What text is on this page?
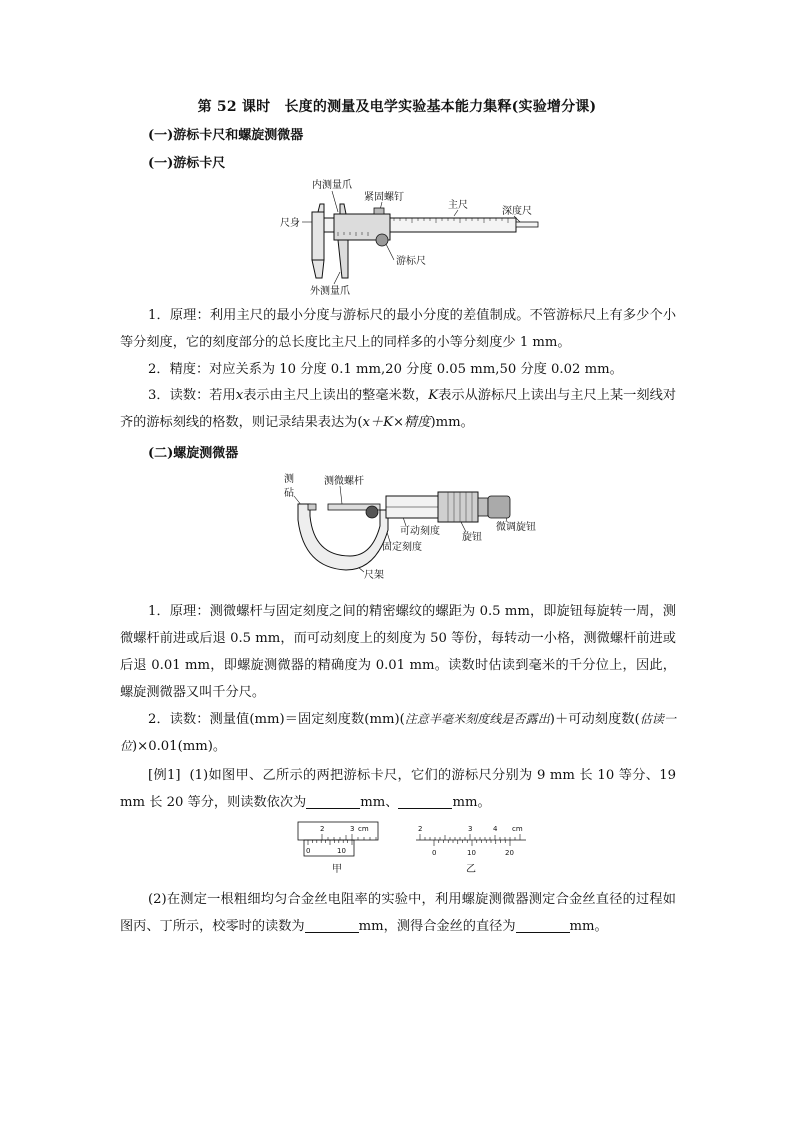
第 52 课时　长度的测量及电学实验基本能力集释(实验增分课)
(一)游标卡尺和螺旋测微器
(一)游标卡尺
内测量爪
紧固螺钉
主尺
深度尺
尺身
游标尺
外测量爪
1．原理：利用主尺的最小分度与游标尺的最小分度的差值制成。不管游标尺上有多少个小等分刻度，它的刻度部分的总长度比主尺上的同样多的小等分刻度少 1 mm。
2．精度：对应关系为 10 分度 0.1 mm,20 分度 0.05 mm,50 分度 0.02 mm。
3．读数：若用x表示由主尺上读出的整毫米数，K表示从游标尺上读出与主尺上某一刻线对齐的游标刻线的格数，则记录结果表达为(x＋K×精度)mm。
(二)螺旋测微器
测
砧
测微螺杆
可动刻度
旋钮
微调旋钮
固定刻度
尺架
1．原理：测微螺杆与固定刻度之间的精密螺纹的螺距为 0.5 mm，即旋钮每旋转一周，测微螺杆前进或后退 0.5 mm，而可动刻度上的刻度为 50 等份，每转动一小格，测微螺杆前进或后退 0.01 mm，即螺旋测微器的精确度为 0.01 mm。读数时估读到毫米的千分位上，因此，螺旋测微器又叫千分尺。
2．读数：测量值(mm)＝固定刻度数(mm)(注意半毫米刻度线是否露出)＋可动刻度数(估读一位)×0.01(mm)。
[例1] (1)如图甲、乙所示的两把游标卡尺，它们的游标尺分别为 9 mm 长 10 等分、19 mm 长 20 等分，则读数依次为	mm、	mm。
2	3 cm
0	10
甲
2	3	4 cm
0	10	20
乙
(2)在测定一根粗细均匀合金丝电阻率的实验中，利用螺旋测微器测定合金丝直径的过程如图丙、丁所示，校零时的读数为	mm，测得合金丝的直径为	mm。
